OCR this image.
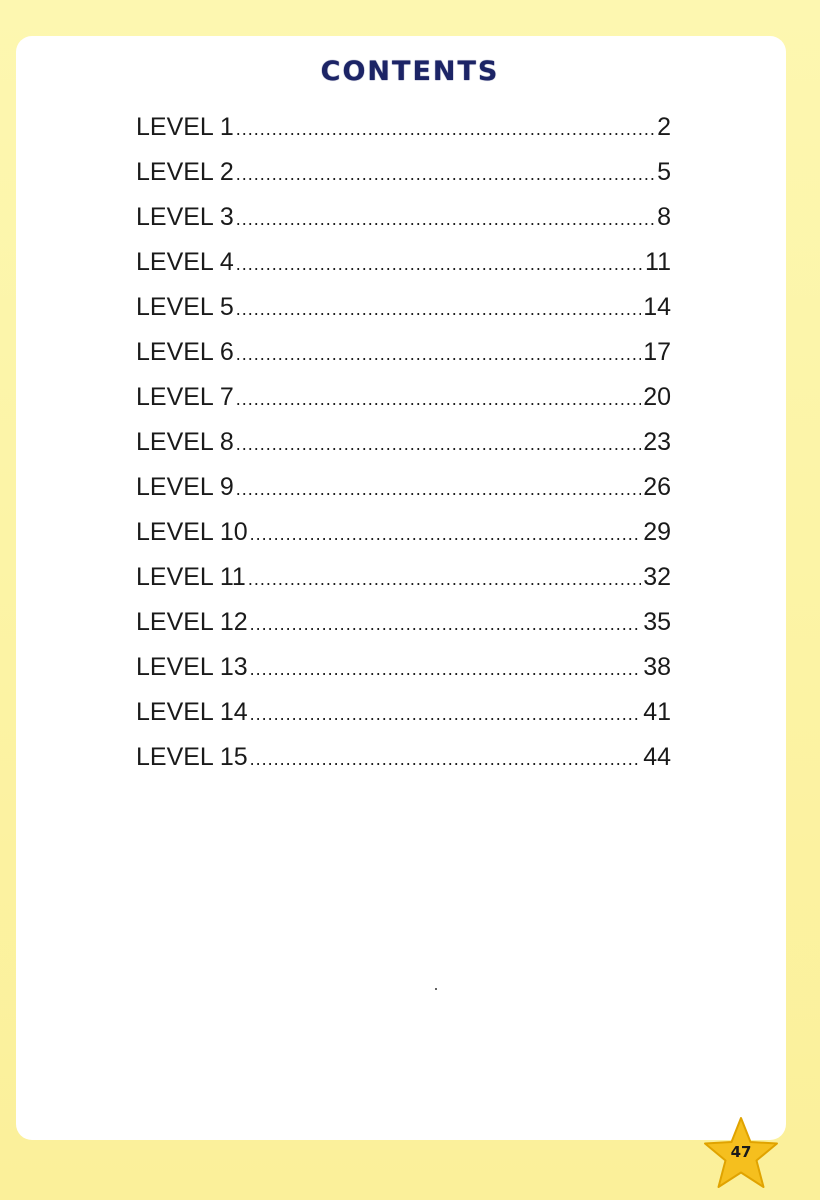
CONTENTS
LEVEL 1 .....	2
LEVEL 2 .....	5
LEVEL 3 .....	8
LEVEL 4 .....	11
LEVEL 5 .....	14
LEVEL 6 .....	17
LEVEL 7 .....	20
LEVEL 8 .....	23
LEVEL 9 .....	26
LEVEL 10 .....	29
LEVEL 11 .....	32
LEVEL 12 .....	35
LEVEL 13 .....	38
LEVEL 14 .....	41
LEVEL 15 .....	44
47
